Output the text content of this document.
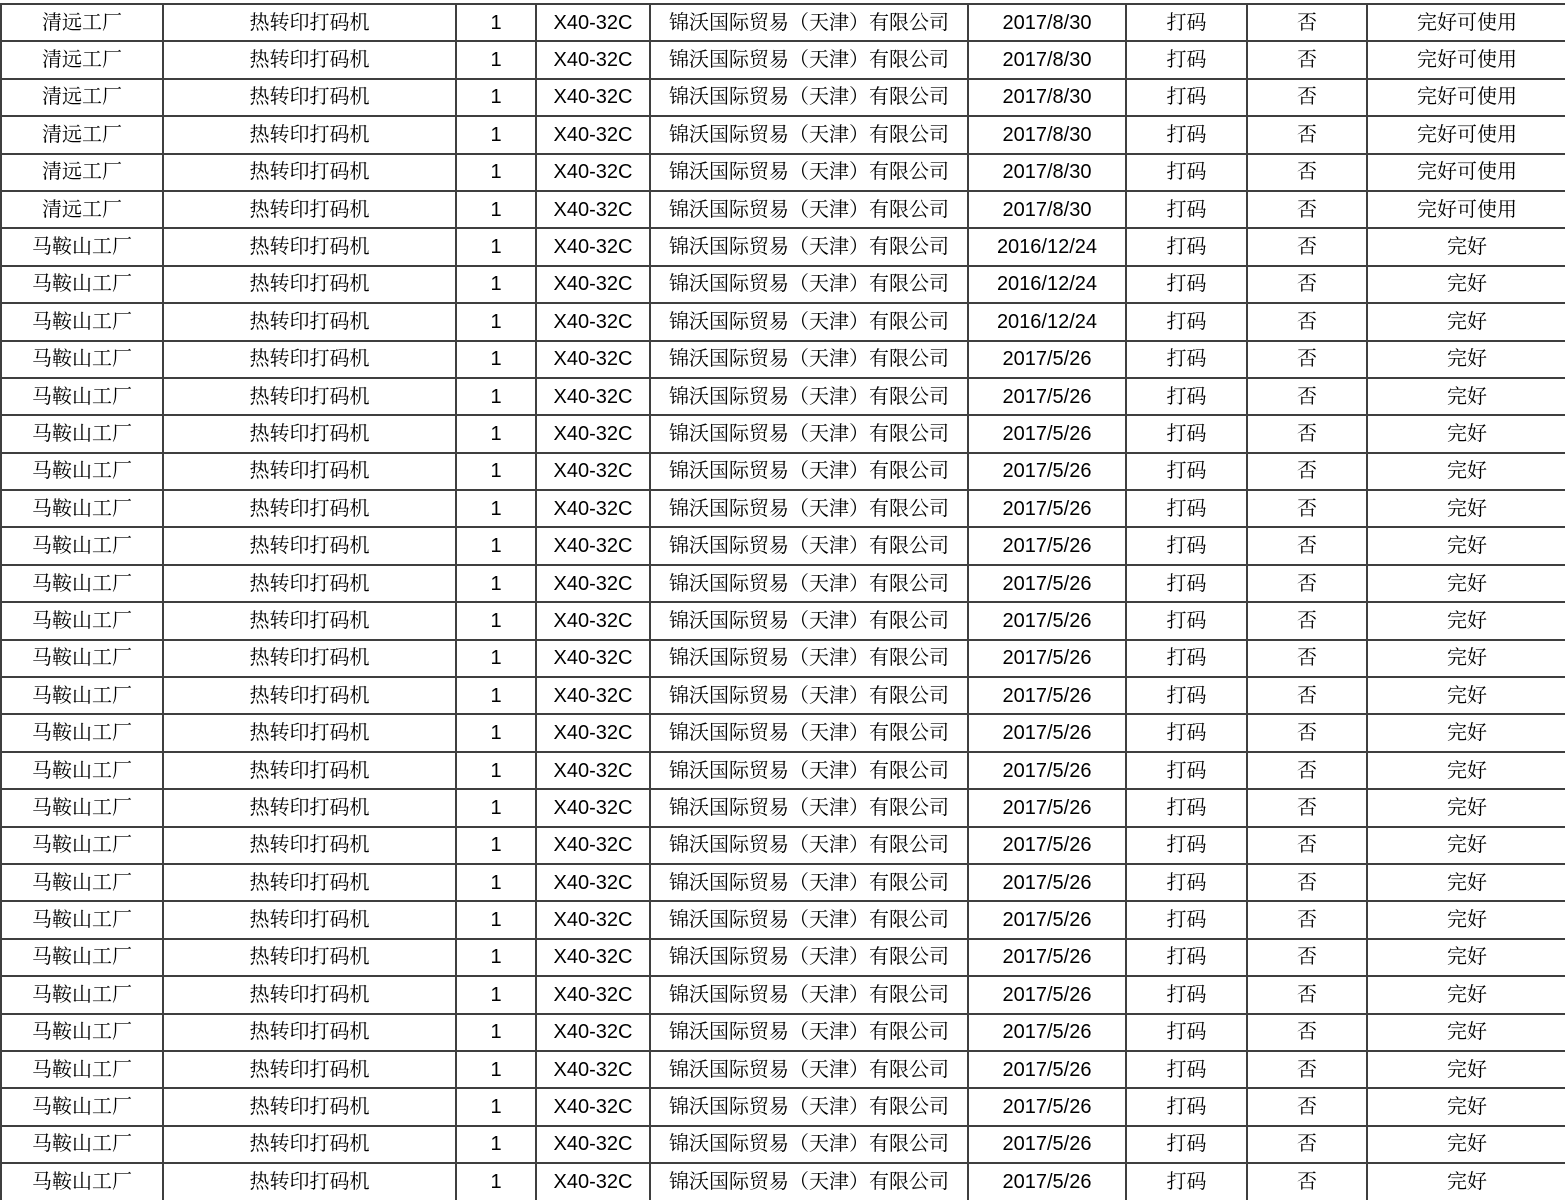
清远工厂	热转印打码机	1	X40-32C	锦沃国际贸易（天津）有限公司	2017/8/30	打码	否	完好可使用
清远工厂	热转印打码机	1	X40-32C	锦沃国际贸易（天津）有限公司	2017/8/30	打码	否	完好可使用
清远工厂	热转印打码机	1	X40-32C	锦沃国际贸易（天津）有限公司	2017/8/30	打码	否	完好可使用
清远工厂	热转印打码机	1	X40-32C	锦沃国际贸易（天津）有限公司	2017/8/30	打码	否	完好可使用
清远工厂	热转印打码机	1	X40-32C	锦沃国际贸易（天津）有限公司	2017/8/30	打码	否	完好可使用
清远工厂	热转印打码机	1	X40-32C	锦沃国际贸易（天津）有限公司	2017/8/30	打码	否	完好可使用
马鞍山工厂	热转印打码机	1	X40-32C	锦沃国际贸易（天津）有限公司	2016/12/24	打码	否	完好
马鞍山工厂	热转印打码机	1	X40-32C	锦沃国际贸易（天津）有限公司	2016/12/24	打码	否	完好
马鞍山工厂	热转印打码机	1	X40-32C	锦沃国际贸易（天津）有限公司	2016/12/24	打码	否	完好
马鞍山工厂	热转印打码机	1	X40-32C	锦沃国际贸易（天津）有限公司	2017/5/26	打码	否	完好
马鞍山工厂	热转印打码机	1	X40-32C	锦沃国际贸易（天津）有限公司	2017/5/26	打码	否	完好
马鞍山工厂	热转印打码机	1	X40-32C	锦沃国际贸易（天津）有限公司	2017/5/26	打码	否	完好
马鞍山工厂	热转印打码机	1	X40-32C	锦沃国际贸易（天津）有限公司	2017/5/26	打码	否	完好
马鞍山工厂	热转印打码机	1	X40-32C	锦沃国际贸易（天津）有限公司	2017/5/26	打码	否	完好
马鞍山工厂	热转印打码机	1	X40-32C	锦沃国际贸易（天津）有限公司	2017/5/26	打码	否	完好
马鞍山工厂	热转印打码机	1	X40-32C	锦沃国际贸易（天津）有限公司	2017/5/26	打码	否	完好
马鞍山工厂	热转印打码机	1	X40-32C	锦沃国际贸易（天津）有限公司	2017/5/26	打码	否	完好
马鞍山工厂	热转印打码机	1	X40-32C	锦沃国际贸易（天津）有限公司	2017/5/26	打码	否	完好
马鞍山工厂	热转印打码机	1	X40-32C	锦沃国际贸易（天津）有限公司	2017/5/26	打码	否	完好
马鞍山工厂	热转印打码机	1	X40-32C	锦沃国际贸易（天津）有限公司	2017/5/26	打码	否	完好
马鞍山工厂	热转印打码机	1	X40-32C	锦沃国际贸易（天津）有限公司	2017/5/26	打码	否	完好
马鞍山工厂	热转印打码机	1	X40-32C	锦沃国际贸易（天津）有限公司	2017/5/26	打码	否	完好
马鞍山工厂	热转印打码机	1	X40-32C	锦沃国际贸易（天津）有限公司	2017/5/26	打码	否	完好
马鞍山工厂	热转印打码机	1	X40-32C	锦沃国际贸易（天津）有限公司	2017/5/26	打码	否	完好
马鞍山工厂	热转印打码机	1	X40-32C	锦沃国际贸易（天津）有限公司	2017/5/26	打码	否	完好
马鞍山工厂	热转印打码机	1	X40-32C	锦沃国际贸易（天津）有限公司	2017/5/26	打码	否	完好
马鞍山工厂	热转印打码机	1	X40-32C	锦沃国际贸易（天津）有限公司	2017/5/26	打码	否	完好
马鞍山工厂	热转印打码机	1	X40-32C	锦沃国际贸易（天津）有限公司	2017/5/26	打码	否	完好
马鞍山工厂	热转印打码机	1	X40-32C	锦沃国际贸易（天津）有限公司	2017/5/26	打码	否	完好
马鞍山工厂	热转印打码机	1	X40-32C	锦沃国际贸易（天津）有限公司	2017/5/26	打码	否	完好
马鞍山工厂	热转印打码机	1	X40-32C	锦沃国际贸易（天津）有限公司	2017/5/26	打码	否	完好
马鞍山工厂	热转印打码机	1	X40-32C	锦沃国际贸易（天津）有限公司	2017/5/26	打码	否	完好
